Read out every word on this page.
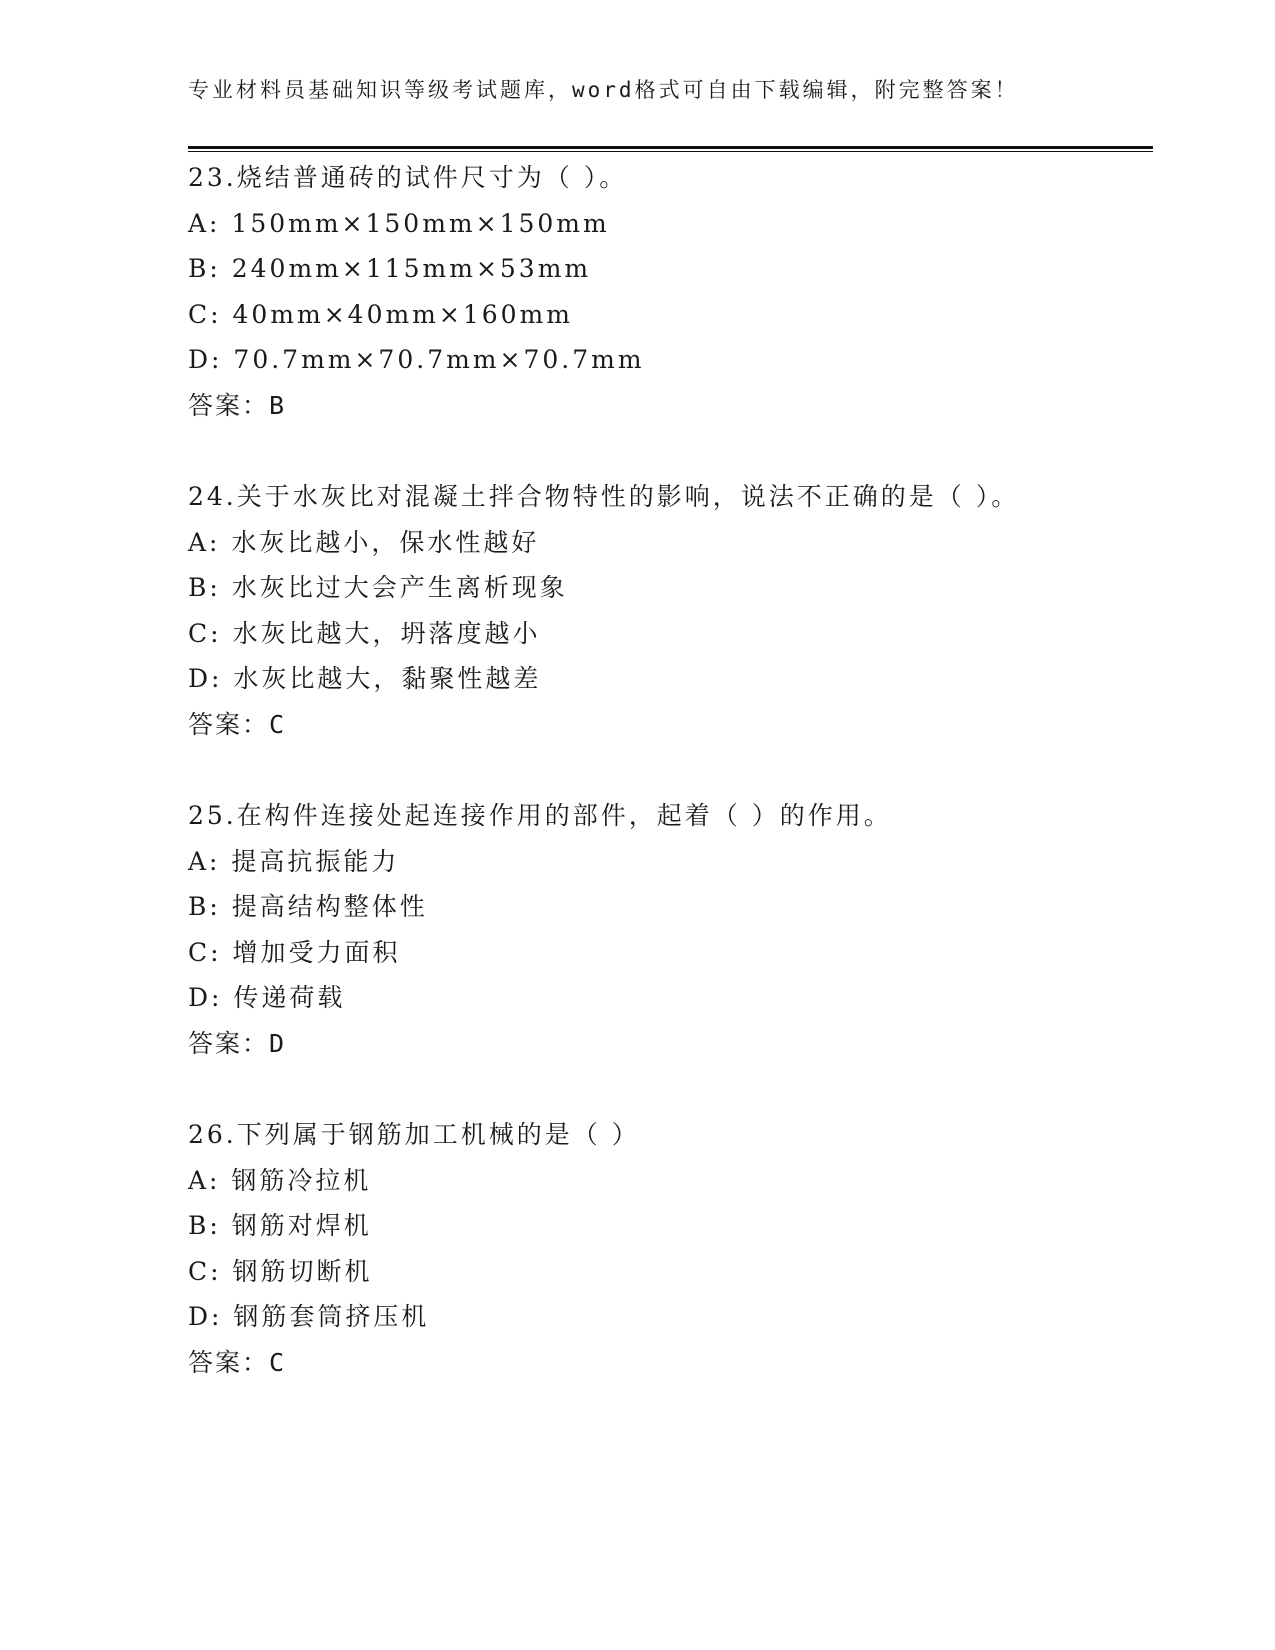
专业材料员基础知识等级考试题库，word格式可自由下载编辑，附完整答案！
23.烧结普通砖的试件尺寸为（ ）。
A: 150mm×150mm×150mm
B: 240mm×115mm×53mm
C: 40mm×40mm×160mm
D: 70.7mm×70.7mm×70.7mm
答案：B
24.关于水灰比对混凝土拌合物特性的影响，说法不正确的是（ ）。
A: 水灰比越小，保水性越好
B: 水灰比过大会产生离析现象
C: 水灰比越大，坍落度越小
D: 水灰比越大，黏聚性越差
答案：C
25.在构件连接处起连接作用的部件，起着（ ）的作用。
A: 提高抗振能力
B: 提高结构整体性
C: 增加受力面积
D: 传递荷载
答案：D
26.下列属于钢筋加工机械的是（ ）
A: 钢筋冷拉机
B: 钢筋对焊机
C: 钢筋切断机
D: 钢筋套筒挤压机
答案：C
